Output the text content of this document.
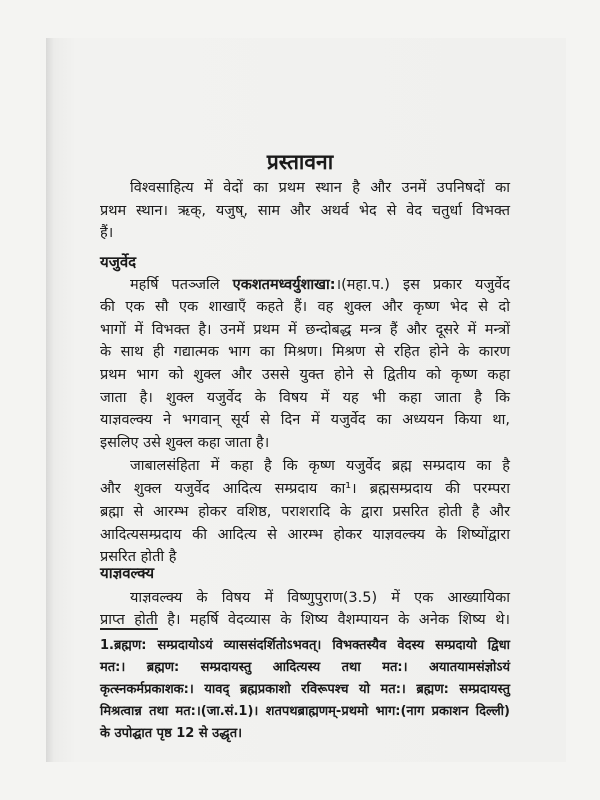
प्रस्तावना
विश्वसाहित्य में वेदों का प्रथम स्थान है और उनमें उपनिषदों का
प्रथम स्थान। ऋक्, यजुष्, साम और अथर्व भेद से वेद चतुर्धा विभक्त
हैं।
यजुर्वेद
महर्षि पतञ्जलि एकशतमध्वर्युशाखा:।(महा.प.) इस प्रकार यजुर्वेद
की एक सौ एक शाखाएँ कहते हैं। वह शुक्ल और कृष्ण भेद से दो
भागों में विभक्त है। उनमें प्रथम में छन्दोबद्ध मन्त्र हैं और दूसरे में मन्त्रों
के साथ ही गद्यात्मक भाग का मिश्रण। मिश्रण से रहित होने के कारण
प्रथम भाग को शुक्ल और उससे युक्त होने से द्वितीय को कृष्ण कहा
जाता है। शुक्ल यजुर्वेद के विषय में यह भी कहा जाता है कि
याज्ञवल्क्य ने भगवान् सूर्य से दिन में यजुर्वेद का अध्ययन किया था,
इसलिए उसे शुक्ल कहा जाता है।
जाबालसंहिता में कहा है कि कृष्ण यजुर्वेद ब्रह्म सम्प्रदाय का है
और शुक्ल यजुर्वेद आदित्य सम्प्रदाय का¹। ब्रह्मसम्प्रदाय की परम्परा
ब्रह्मा से आरम्भ होकर वशिष्ठ, पराशरादि के द्वारा प्रसरित होती है और
आदित्यसम्प्रदाय की आदित्य से आरम्भ होकर याज्ञवल्क्य के शिष्योंद्वारा
प्रसरित होती है
याज्ञवल्क्य
याज्ञवल्क्य के विषय में विष्णुपुराण(3.5) में एक आख्यायिका
प्राप्त होती है। महर्षि वेदव्यास के शिष्य वैशम्पायन के अनेक शिष्य थे।
1.ब्रह्मण: सम्प्रदायोऽयं व्याससंदर्शितोऽभवत्। विभक्तस्यैव वेदस्य सम्प्रदायो द्विधा
मत:। ब्रह्मण: सम्प्रदायस्तु आदित्यस्य तथा मत:। अयातयामसंज्ञोऽयं
कृत्स्नकर्मप्रकाशक:। यावद् ब्रह्मप्रकाशो रविरूपश्च यो मत:। ब्रह्मण: सम्प्रदायस्तु
मिश्रत्वान्न तथा मत:।(जा.सं.1)। शतपथब्राह्मणम्-प्रथमो भाग:(नाग प्रकाशन दिल्ली)
के उपोद्घात पृष्ठ 12 से उद्धृत।
